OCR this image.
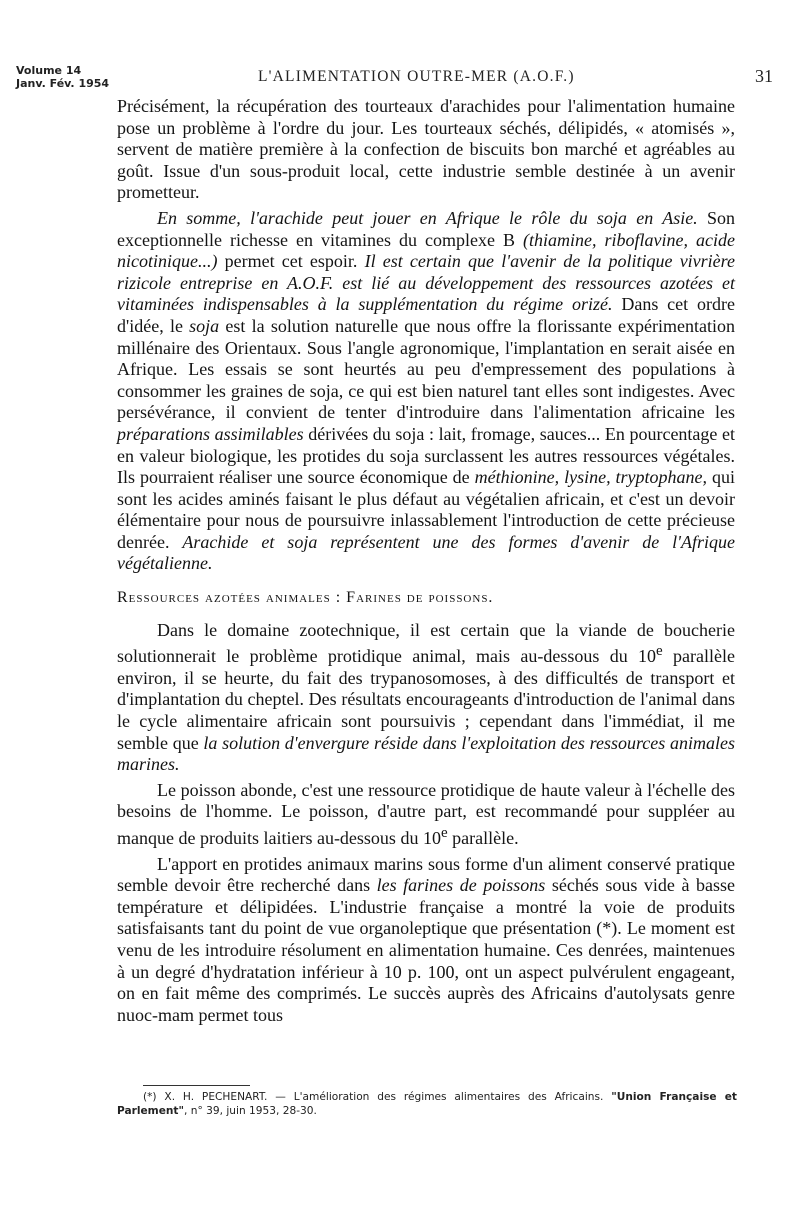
Volume 14
Janv. Fév. 1954	L'ALIMENTATION OUTRE-MER (A.O.F.)	31

Précisément, la récupération des tourteaux d'arachides pour l'alimentation humaine pose un problème à l'ordre du jour. Les tourteaux séchés, délipidés, « atomisés », servent de matière première à la confection de biscuits bon marché et agréables au goût. Issue d'un sous-produit local, cette industrie semble destinée à un avenir prometteur.

En somme, l'arachide peut jouer en Afrique le rôle du soja en Asie. Son exceptionnelle richesse en vitamines du complexe B (thiamine, riboflavine, acide nicotinique...) permet cet espoir. Il est certain que l'avenir de la politique vivrière rizicole entreprise en A.O.F. est lié au développement des ressources azotées et vitaminées indispensables à la supplémentation du régime orizé. Dans cet ordre d'idée, le soja est la solution naturelle que nous offre la florissante expérimentation millénaire des Orientaux. Sous l'angle agronomique, l'implantation en serait aisée en Afrique. Les essais se sont heurtés au peu d'empressement des populations à consommer les graines de soja, ce qui est bien naturel tant elles sont indigestes. Avec persévérance, il convient de tenter d'introduire dans l'alimentation africaine les préparations assimilables dérivées du soja : lait, fromage, sauces... En pourcentage et en valeur biologique, les protides du soja surclassent les autres ressources végétales. Ils pourraient réaliser une source économique de méthionine, lysine, tryptophane, qui sont les acides aminés faisant le plus défaut au végétalien africain, et c'est un devoir élémentaire pour nous de poursuivre inlassablement l'introduction de cette précieuse denrée. Arachide et soja représentent une des formes d'avenir de l'Afrique végétalienne.

Ressources azotées animales : Farines de poissons.

Dans le domaine zootechnique, il est certain que la viande de boucherie solutionnerait le problème protidique animal, mais au-dessous du 10e parallèle environ, il se heurte, du fait des trypanosomoses, à des difficultés de transport et d'implantation du cheptel. Des résultats encourageants d'introduction de l'animal dans le cycle alimentaire africain sont poursuivis ; cependant dans l'immédiat, il me semble que la solution d'envergure réside dans l'exploitation des ressources animales marines.

Le poisson abonde, c'est une ressource protidique de haute valeur à l'échelle des besoins de l'homme. Le poisson, d'autre part, est recommandé pour suppléer au manque de produits laitiers au-dessous du 10e parallèle.

L'apport en protides animaux marins sous forme d'un aliment conservé pratique semble devoir être recherché dans les farines de poissons séchés sous vide à basse température et délipidées. L'industrie française a montré la voie de produits satisfaisants tant du point de vue organoleptique que présentation (*). Le moment est venu de les introduire résolument en alimentation humaine. Ces denrées, maintenues à un degré d'hydratation inférieur à 10 p. 100, ont un aspect pulvérulent engageant, on en fait même des comprimés. Le succès auprès des Africains d'autolysats genre nuoc-mam permet tous

(*) X. H. PECHENART. — L'amélioration des régimes alimentaires des Africains. "Union Française et Parlement", n° 39, juin 1953, 28-30.
